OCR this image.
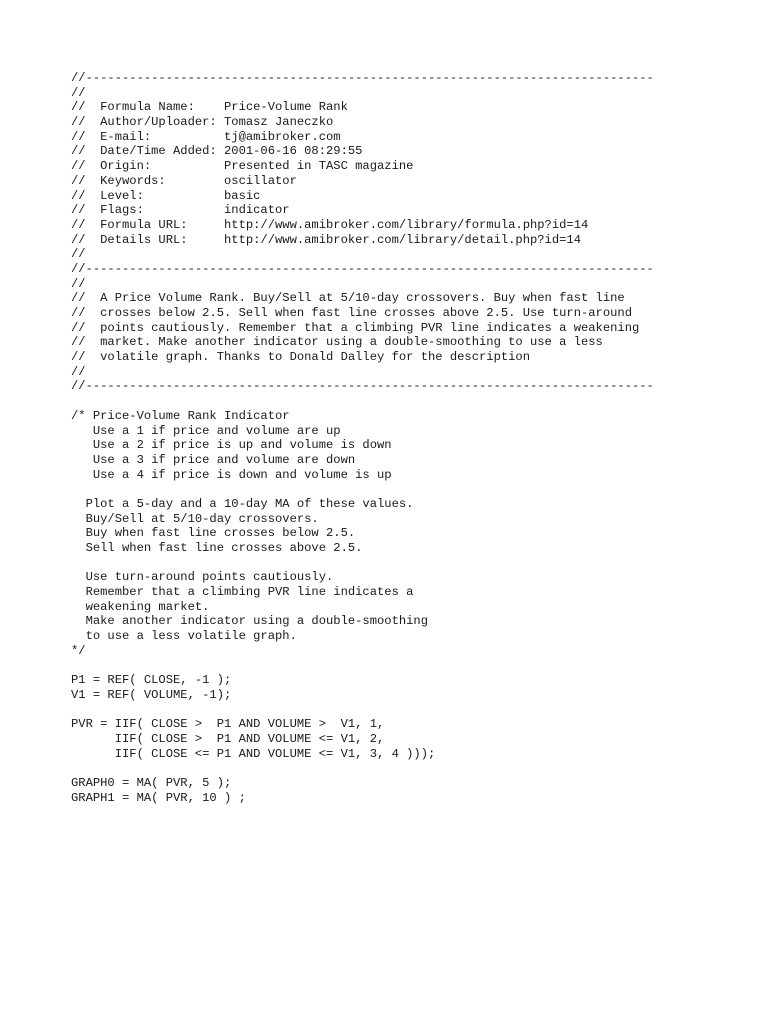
//------------------------------------------------------------------------------
//
//  Formula Name:    Price-Volume Rank
//  Author/Uploader: Tomasz Janeczko
//  E-mail:          tj@amibroker.com
//  Date/Time Added: 2001-06-16 08:29:55
//  Origin:          Presented in TASC magazine
//  Keywords:        oscillator
//  Level:           basic
//  Flags:           indicator
//  Formula URL:     http://www.amibroker.com/library/formula.php?id=14
//  Details URL:     http://www.amibroker.com/library/detail.php?id=14
//
//------------------------------------------------------------------------------
//
//  A Price Volume Rank. Buy/Sell at 5/10-day crossovers. Buy when fast line
//  crosses below 2.5. Sell when fast line crosses above 2.5. Use turn-around
//  points cautiously. Remember that a climbing PVR line indicates a weakening
//  market. Make another indicator using a double-smoothing to use a less
//  volatile graph. Thanks to Donald Dalley for the description
//
//------------------------------------------------------------------------------
/* Price-Volume Rank Indicator
Use a 1 if price and volume are up
Use a 2 if price is up and volume is down
Use a 3 if price and volume are down
Use a 4 if price is down and volume is up
Plot a 5-day and a 10-day MA of these values.
Buy/Sell at 5/10-day crossovers.
Buy when fast line crosses below 2.5.
Sell when fast line crosses above 2.5.
Use turn-around points cautiously.
Remember that a climbing PVR line indicates a
weakening market.
Make another indicator using a double-smoothing
to use a less volatile graph.
*/
P1 = REF( CLOSE, -1 );
V1 = REF( VOLUME, -1);
PVR = IIF( CLOSE >  P1 AND VOLUME >  V1, 1,
IIF( CLOSE >  P1 AND VOLUME <= V1, 2,
IIF( CLOSE <= P1 AND VOLUME <= V1, 3, 4 )));
GRAPH0 = MA( PVR, 5 );
GRAPH1 = MA( PVR, 10 ) ;
